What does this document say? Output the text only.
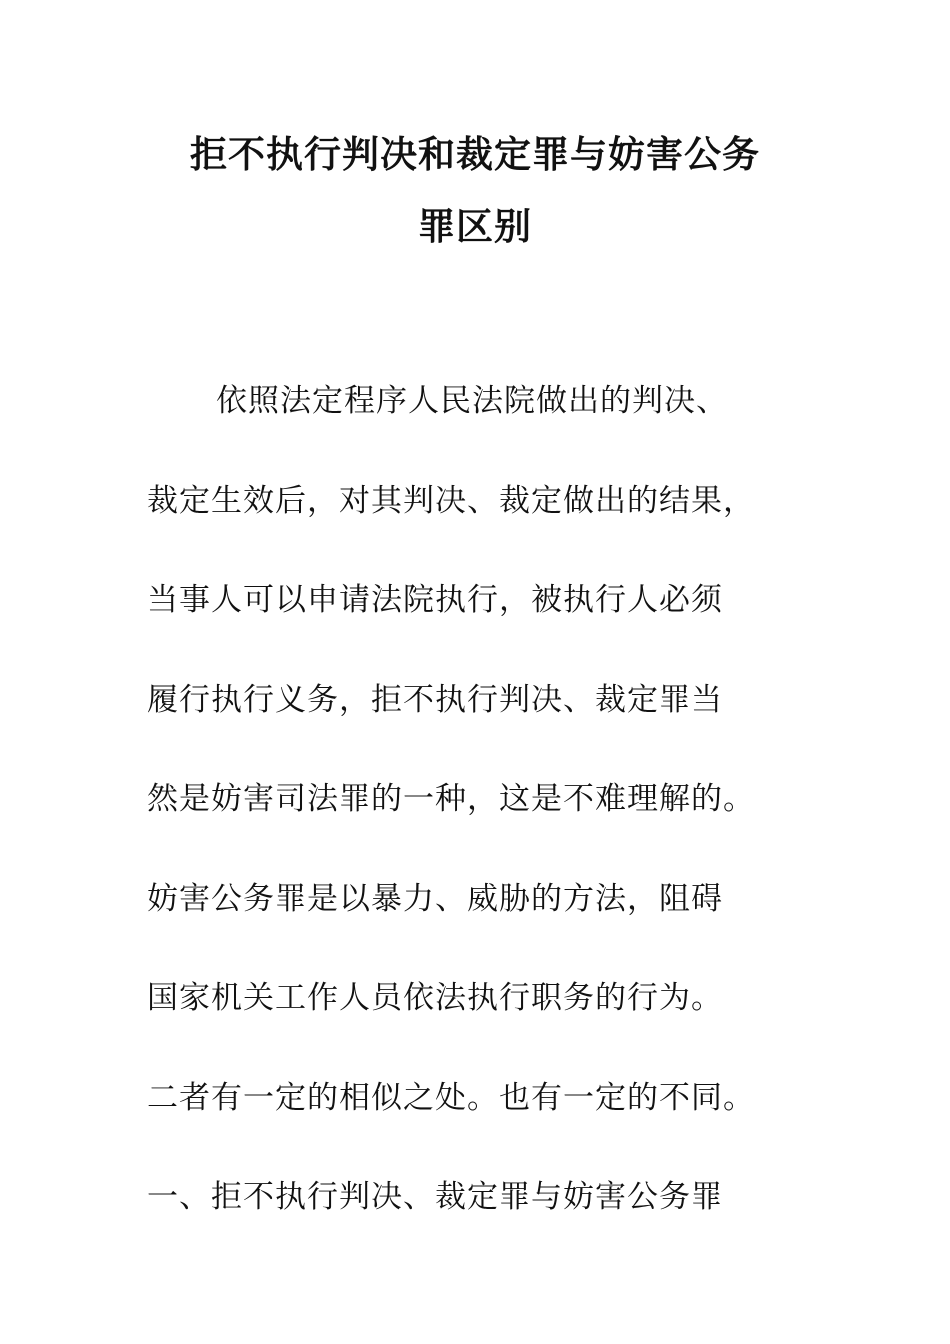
拒不执行判决和裁定罪与妨害公务
罪区别
依照法定程序人民法院做出的判决、
裁定生效后，对其判决、裁定做出的结果，
当事人可以申请法院执行，被执行人必须
履行执行义务，拒不执行判决、裁定罪当
然是妨害司法罪的一种，这是不难理解的。
妨害公务罪是以暴力、威胁的方法，阻碍
国家机关工作人员依法执行职务的行为。
二者有一定的相似之处。也有一定的不同。
一、拒不执行判决、裁定罪与妨害公务罪
